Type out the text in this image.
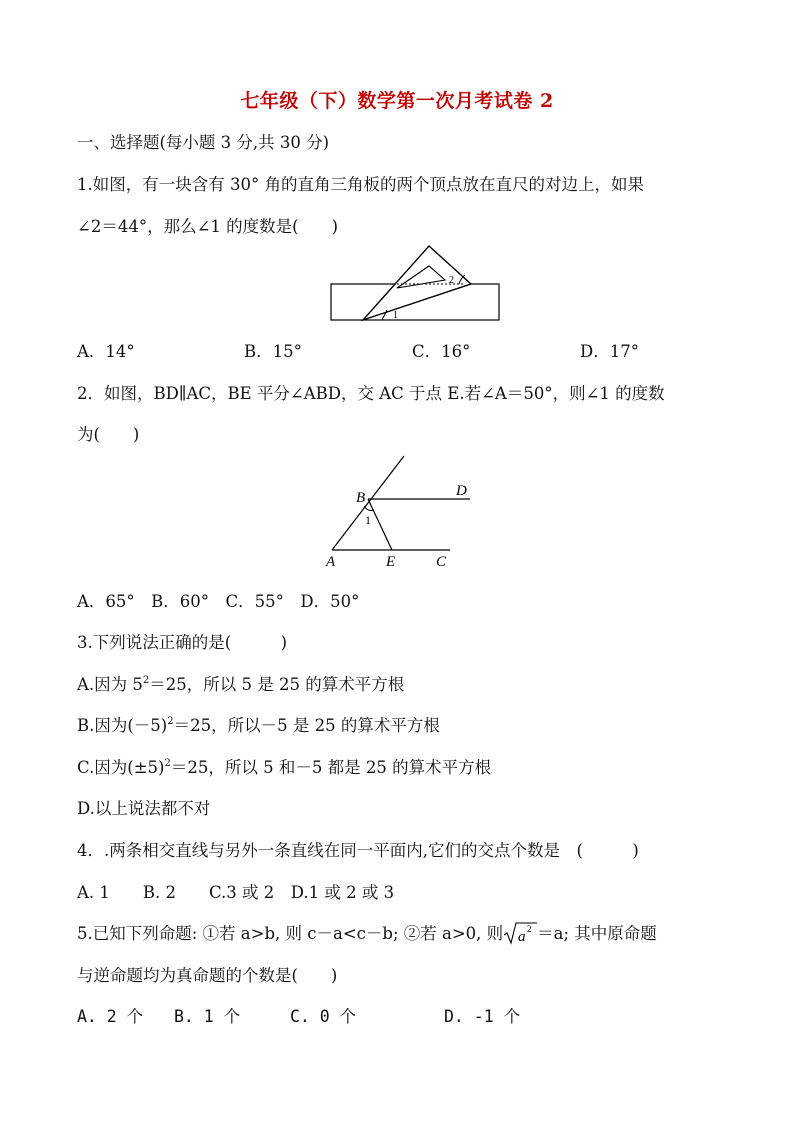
七年级（下）数学第一次月考试卷 2
一、选择题(每小题 3 分,共 30 分)
1.如图，有一块含有 30° 角的直角三角板的两个顶点放在直尺的对边上，如果
∠2＝44°，那么∠1 的度数是(　　)
1
2
A．14°	B．15°	C．16°	D．17°
2．如图，BD∥AC，BE 平分∠ABD，交 AC 于点 E.若∠A＝50°，则∠1 的度数
为(　　)
B	D
A	E	C
1
A．65°　B．60°　C．55°　D．50°
3.下列说法正确的是(　　　)
A.因为 $5^2=25$，所以 5 是 25 的算术平方根
B.因为$(-5)^2=25$，所以－5 是 25 的算术平方根
C.因为$(\pm 5)^2=25$，所以 5 和－5 都是 25 的算术平方根
D.以上说法都不对
4．.两条相交直线与另外一条直线在同一平面内,它们的交点个数是　(　　　)
A. 1　　B. 2　　C.3 或 2　D.1 或 2 或 3
5.已知下列命题: ①若 a>b, 则 c－a<c－b; ②若 a>0, 则 a 2 ＝a; 其中原命题
与逆命题均为真命题的个数是(　　)
A. 2 个 B. 1 个	C. 0 个	D. -1 个
